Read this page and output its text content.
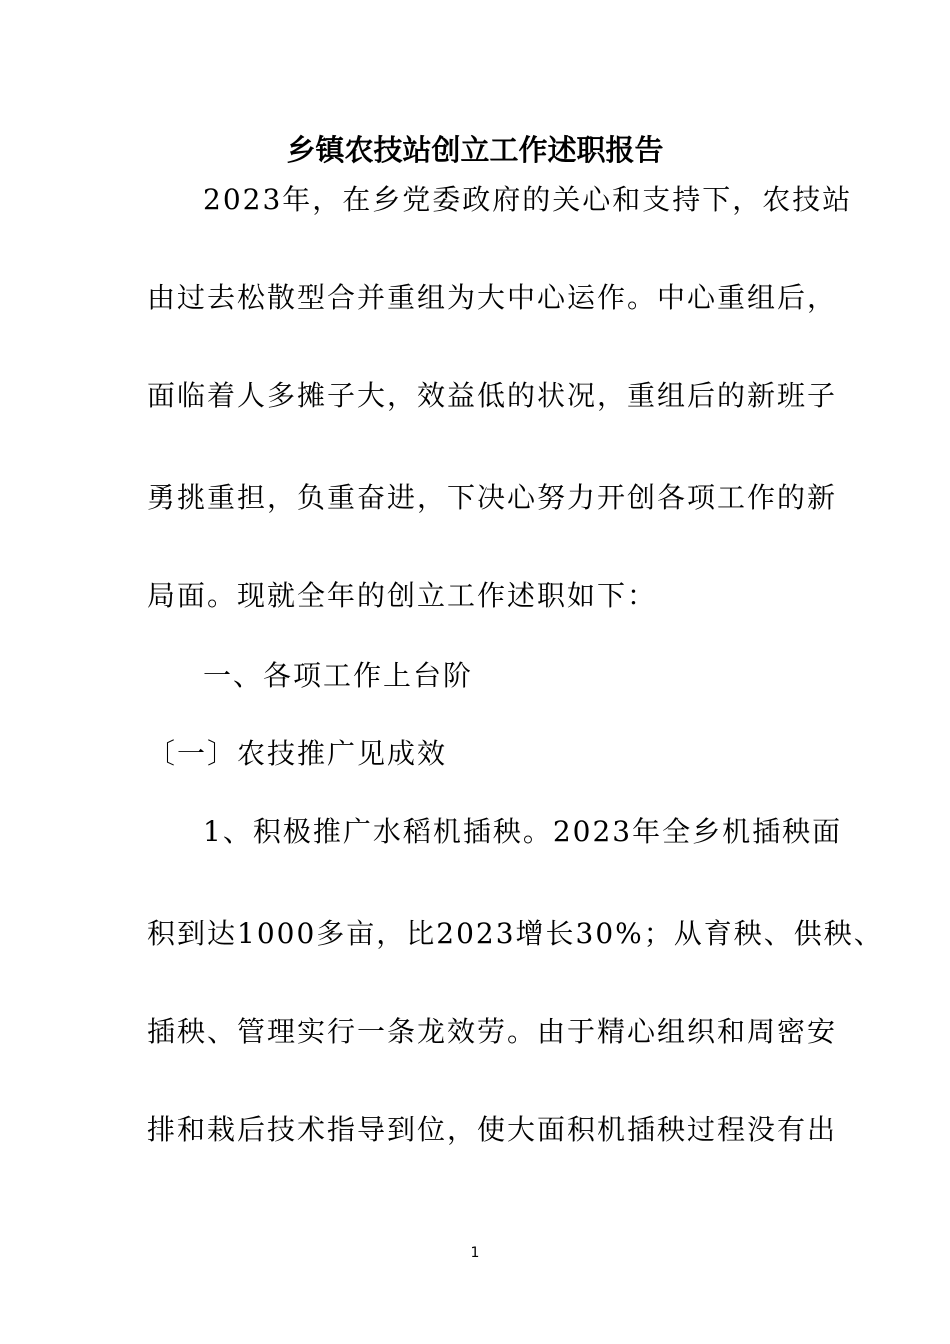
乡镇农技站创立工作述职报告
2023年，在乡党委政府的关心和支持下，农技站
由过去松散型合并重组为大中心运作。中心重组后，
面临着人多摊子大，效益低的状况，重组后的新班子
勇挑重担，负重奋进，下决心努力开创各项工作的新
局面。现就全年的创立工作述职如下：
一、各项工作上台阶
〔一〕农技推广见成效
1、积极推广水稻机插秧。2023年全乡机插秧面
积到达1000多亩，比2023增长30%；从育秧、供秧、
插秧、管理实行一条龙效劳。由于精心组织和周密安
排和栽后技术指导到位，使大面积机插秧过程没有出
1
